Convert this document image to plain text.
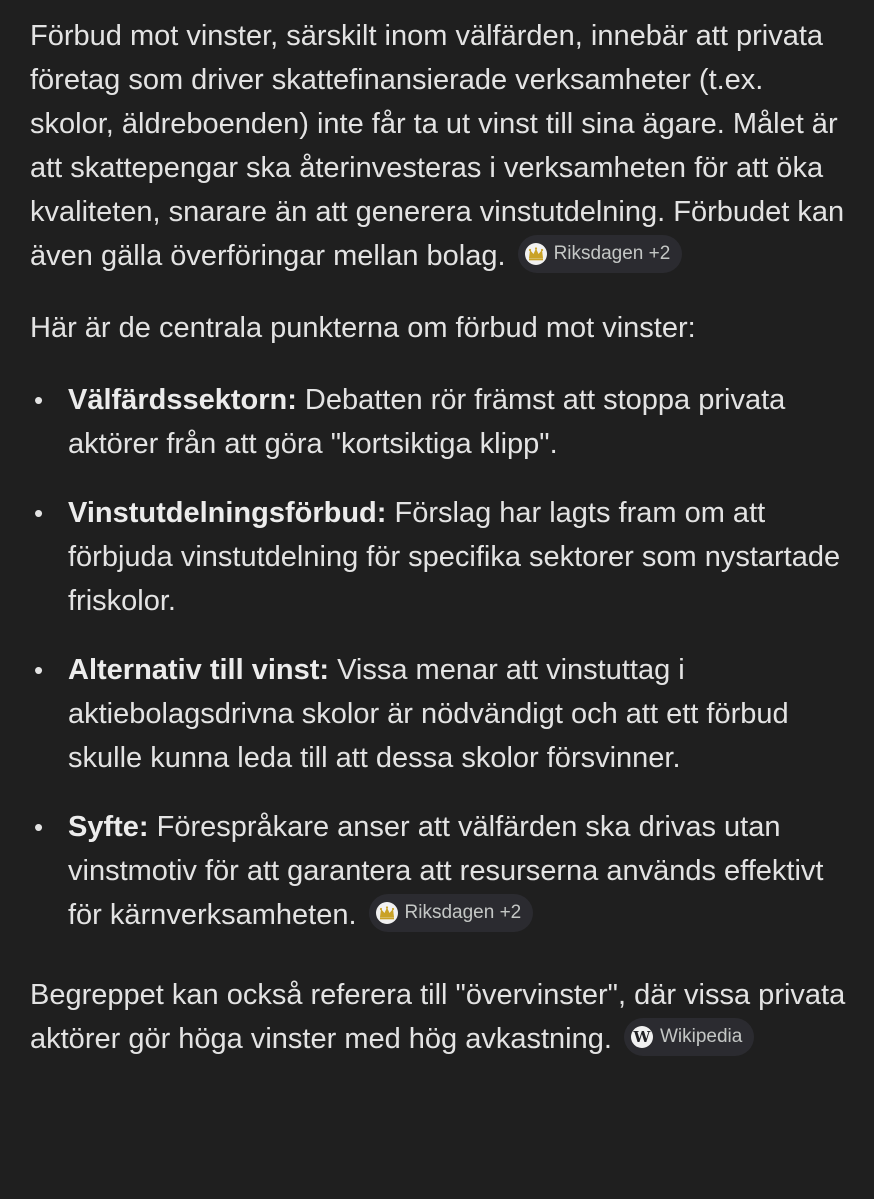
Förbud mot vinster, särskilt inom välfärden, innebär att privata företag som driver skattefinansierade verksamheter (t.ex. skolor, äldreboenden) inte får ta ut vinst till sina ägare. Målet är att skattepengar ska återinvesteras i verksamheten för att öka kvaliteten, snarare än att generera vinstutdelning. Förbudet kan även gälla överföringar mellan bolag.	Riksdagen +2

Här är de centrala punkterna om förbud mot vinster:

• Välfärdssektorn: Debatten rör främst att stoppa privata aktörer från att göra "kortsiktiga klipp".
• Vinstutdelningsförbud: Förslag har lagts fram om att förbjuda vinstutdelning för specifika sektorer som nystartade friskolor.
• Alternativ till vinst: Vissa menar att vinstuttag i aktiebolagsdrivna skolor är nödvändigt och att ett förbud skulle kunna leda till att dessa skolor försvinner.
• Syfte: Förespråkare anser att välfärden ska drivas utan vinstmotiv för att garantera att resurserna används effektivt för kärnverksamheten.	Riksdagen +2

Begreppet kan också referera till "övervinster", där vissa privata aktörer gör höga vinster med hög avkastning. W Wikipedia
